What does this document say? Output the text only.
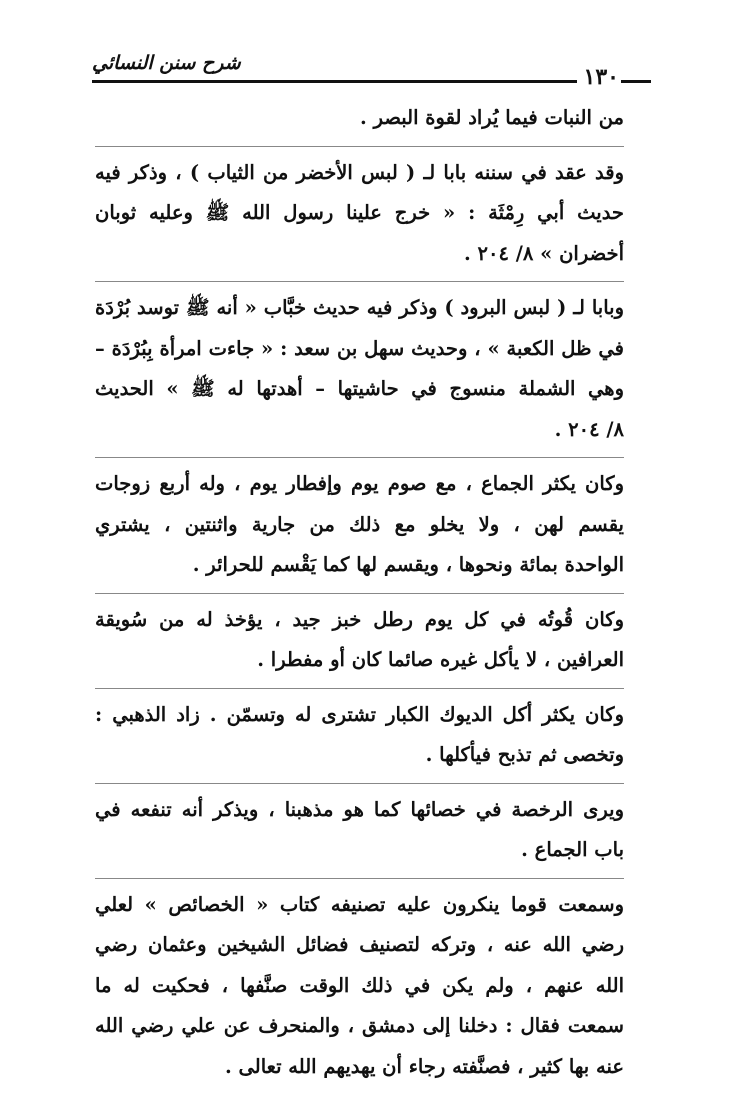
شرح سنن النسائي
١٣٠

من النبات فيما يُراد لقوة البصر .

وقد عقد في سننه بابا لـ ( لبس الأخضر من الثياب ) ، وذكر فيه
حديث أبي رِمْثَة : « خرج علينا رسول الله ﷺ وعليه ثوبان
أخضران » ٨/ ٢٠٤ .

وبابا لـ ( لبس البرود ) وذكر فيه حديث خبَّاب « أنه ﷺ توسد بُرْدَة
في ظل الكعبة » ، وحديث سهل بن سعد : « جاءت امرأة بِبُرْدَة –
وهي الشملة منسوج في حاشيتها – أهدتها له ﷺ » الحديث
٨/ ٢٠٤ .

وكان يكثر الجماع ، مع صوم يوم وإفطار يوم ، وله أربع زوجات
يقسم لهن ، ولا يخلو مع ذلك من جارية واثنتين ، يشتري
الواحدة بمائة ونحوها ، ويقسم لها كما يَقْسم للحرائر .

وكان قُوتُه في كل يوم رطل خبز جيد ، يؤخذ له من سُويقة
العرافين ، لا يأكل غيره صائما كان أو مفطرا .

وكان يكثر أكل الديوك الكبار تشترى له وتسمّن . زاد الذهبي :
وتخصى ثم تذبح فيأكلها .

ويرى الرخصة في خصائها كما هو مذهبنا ، ويذكر أنه تنفعه في
باب الجماع .

وسمعت قوما ينكرون عليه تصنيفه كتاب « الخصائص » لعلي
رضي الله عنه ، وتركه لتصنيف فضائل الشيخين وعثمان رضي
الله عنهم ، ولم يكن في ذلك الوقت صنَّفها ، فحكيت له ما
سمعت فقال : دخلنا إلى دمشق ، والمنحرف عن علي رضي الله
عنه بها كثير ، فصنَّفته رجاء أن يهديهم الله تعالى .
